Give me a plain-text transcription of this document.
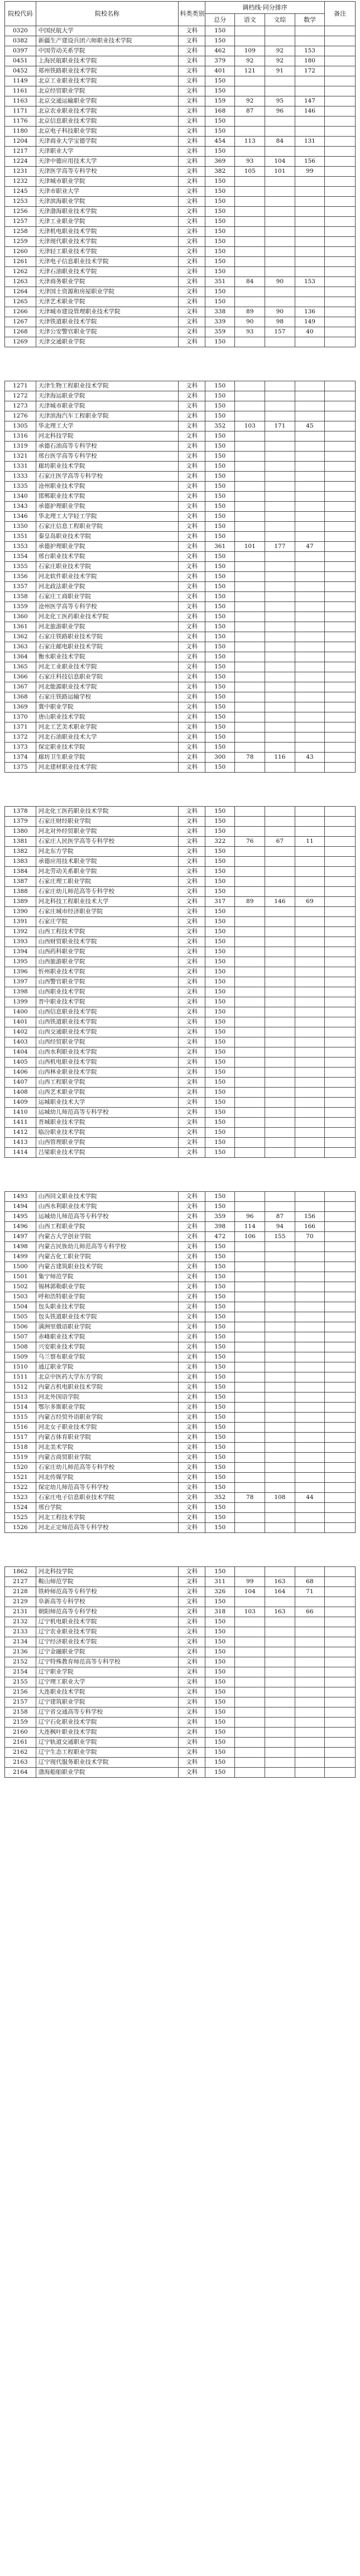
院校代码	院校名称	科类类别	调档线·同分排序				备注
			总分	语文	文综	数学	
0320	中国民航大学	文科	150				
0382	新疆生产建设兵团六师职业技术学院	文科	150				
0397	中国劳动关系学院	文科	462	109	92	153	
0451	上海民航职业技术学院	文科	379	92	92	180	
0452	郑州铁路职业技术学院	文科	401	121	91	172	
1149	北京工业职业技术学院	文科	150				
1161	北京经贸职业学院	文科	150				
1163	北京交通运输职业学院	文科	159	92	95	147	
1171	北京农业职业技术学院	文科	168	87	96	146	
1176	北京信息职业技术学院	文科	150				
1180	北京电子科技职业学院	文科	150				
1204	天津商业大学宝德学院	文科	454	113	84	131	
1217	天津职业大学	文科	150				
1224	天津中德应用技术大学	文科	369	93	104	156	
1231	天津医学高等专科学校	文科	382	105	101	99	
1232	天津城市职业学院	文科	150				
1245	天津市职业大学	文科	150				
1253	天津滨海职业学院	文科	150				
1256	天津渤海职业技术学院	文科	150				
1257	天津工业职业学院	文科	150				
1258	天津机电职业技术学院	文科	150				
1259	天津现代职业技术学院	文科	150				
1260	天津轻工职业技术学院	文科	150				
1261	天津电子信息职业技术学院	文科	150				
1262	天津石油职业技术学院	文科	150				
1263	天津商务职业学院	文科	351	84	90	153	
1264	天津国土资源和房屋职业学院	文科	150				
1265	天津艺术职业学院	文科	150				
1266	天津城市建设管理职业技术学院	文科	338	89	90	136	
1267	天津铁道职业技术学院	文科	339	90	98	149	
1268	天津公安警官职业学院	文科	359	93	157	40	
1269	天津交通职业学院	文科	150				
1271	天津生物工程职业技术学院	文科	150				
1272	天津海运职业学院	文科	150				
1273	天津城市职业学院	文科	150				
1276	天津滨海汽车工程职业学院	文科	150				
1305	华北理工大学	文科	352	103	171	45	
1316	河北科技学院	文科	150				
1319	承德石油高等专科学校	文科	150				
1321	邢台医学高等专科学校	文科	150				
1331	廊坊职业技术学院	文科	150				
1333	石家庄医学高等专科学校	文科	150				
1335	沧州职业技术学院	文科	150				
1340	邯郸职业技术学院	文科	150				
1343	承德护理职业学院	文科	150				
1346	华北理工大学轻工学院	文科	150				
1350	石家庄信息工程职业学院	文科	150				
1351	秦皇岛职业技术学院	文科	150				
1353	承德护理职业学院	文科	361	101	177	47	
1354	邢台职业技术学院	文科	150				
1355	石家庄职业技术学院	文科	150				
1356	河北软件职业技术学院	文科	150				
1357	河北政法职业学院	文科	150				
1358	石家庄工商职业学院	文科	150				
1359	沧州医学高等专科学校	文科	150				
1360	河北化工医药职业技术学院	文科	150				
1361	河北旅游职业学院	文科	150				
1362	石家庄铁路职业技术学院	文科	150				
1363	石家庄邮电职业技术学院	文科	150				
1364	衡水职业技术学院	文科	150				
1365	河北工业职业技术学院	文科	150				
1366	石家庄科技信息职业学院	文科	150				
1367	河北能源职业技术学院	文科	150				
1368	石家庄铁路运输学校	文科	150				
1369	冀中职业学院	文科	150				
1370	唐山职业技术学院	文科	150				
1371	河北工艺美术职业学院	文科	150				
1372	河北石油职业技术大学	文科	150				
1373	保定职业技术学院	文科	150				
1374	廊坊卫生职业学院	文科	300	78	116	43	
1375	河北建材职业技术学院	文科	150				
1378	河北化工医药职业技术学院	文科	150				
1379	石家庄财经职业学院	文科	150				
1380	河北对外经贸职业学院	文科	150				
1381	石家庄人民医学高等专科学校	文科	322	76	67	11	
1382	河北东方学院	文科	150				
1383	承德应用技术职业学院	文科	150				
1384	河北劳动关系职业学院	文科	150				
1387	石家庄理工职业学院	文科	150				
1388	石家庄幼儿师范高等专科学校	文科	150				
1389	河北科技工程职业技术大学	文科	317	89	146	69	
1390	石家庄城市经济职业学院	文科	150				
1391	石家庄学院	文科	150				
1392	山西工程技术学院	文科	150				
1393	山西财贸职业技术学院	文科	150				
1394	山西药科职业学院	文科	150				
1395	山西旅游职业学院	文科	150				
1396	忻州职业技术学院	文科	150				
1397	山西警官职业学院	文科	150				
1398	山西职业技术学院	文科	150				
1399	晋中职业技术学院	文科	150				
1400	山西信息职业技术学院	文科	150				
1401	山西铁道职业技术学院	文科	150				
1402	山西交通职业技术学院	文科	150				
1403	山西经贸职业学院	文科	150				
1404	山西水利职业技术学院	文科	150				
1405	山西机电职业技术学院	文科	150				
1406	山西林业职业技术学院	文科	150				
1407	山西工程职业学院	文科	150				
1408	山西艺术职业学院	文科	150				
1409	运城职业技术大学	文科	150				
1410	运城幼儿师范高等专科学校	文科	150				
1411	晋城职业技术学院	文科	150				
1412	临汾职业技术学院	文科	150				
1413	山西管理职业学院	文科	150				
1414	吕梁职业技术学院	文科	150				
1493	山西同文职业技术学院	文科	150				
1494	山西水利职业技术学院	文科	150				
1495	运城幼儿师范高等专科学校	文科	359	96	87	156	
1496	山西工程职业学院	文科	398	114	94	166	
1497	内蒙古大学创业学院	文科	472	106	155	70	
1498	内蒙古民族幼儿师范高等专科学校	文科	150				
1499	内蒙古化工职业学院	文科	150				
1500	内蒙古建筑职业技术学院	文科	150				
1501	集宁师范学院	文科	150				
1502	锡林郭勒职业学院	文科	150				
1503	呼和浩特职业学院	文科	150				
1504	包头职业技术学院	文科	150				
1505	包头铁道职业技术学院	文科	150				
1506	满洲里俄语职业学院	文科	150				
1507	赤峰职业技术学院	文科	150				
1508	兴安职业技术学院	文科	150				
1509	乌兰察布职业学院	文科	150				
1510	通辽职业学院	文科	150				
1511	北京中医药大学东方学院	文科	150				
1512	内蒙古机电职业技术学院	文科	150				
1513	河北外国语学院	文科	150				
1514	鄂尔多斯职业学院	文科	150				
1515	内蒙古经贸外语职业学院	文科	150				
1516	河北女子职业技术学院	文科	150				
1517	内蒙古体育职业学院	文科	150				
1518	河北美术学院	文科	150				
1519	内蒙古商贸职业学院	文科	150				
1520	石家庄幼儿师范高等专科学校	文科	150				
1521	河北传媒学院	文科	150				
1522	保定幼儿师范高等专科学校	文科	150				
1523	石家庄电子信息职业技术学院	文科	352	78	108	44	
1524	邢台学院	文科	150				
1525	河北工程技术学院	文科	150				
1526	河北正定师范高等专科学校	文科	150				
1862	河北科技学院	文科	150				
2127	鞍山师范学院	文科	311	99	163	68	
2128	铁岭师范高等专科学校	文科	326	104	164	71	
2129	阜新高等专科学校	文科	150				
2131	朝阳师范高等专科学校	文科	318	103	163	66	
2132	辽宁机电职业技术学院	文科	150				
2133	辽宁农业职业技术学院	文科	150				
2134	辽宁经济职业技术学院	文科	150				
2136	辽宁金融职业学院	文科	150				
2152	辽宁特殊教育师范高等专科学校	文科	150				
2154	辽宁职业学院	文科	150				
2155	辽宁理工职业大学	文科	150				
2156	大连职业技术学院	文科	150				
2157	辽宁建筑职业学院	文科	150				
2158	辽宁省交通高等专科学校	文科	150				
2159	辽宁石化职业技术学院	文科	150				
2160	大连枫叶职业技术学院	文科	150				
2161	辽宁轨道交通职业学院	文科	150				
2162	辽宁生态工程职业学院	文科	150				
2163	辽宁现代服务职业技术学院	文科	150				
2164	渤海船舶职业学院	文科	150				
